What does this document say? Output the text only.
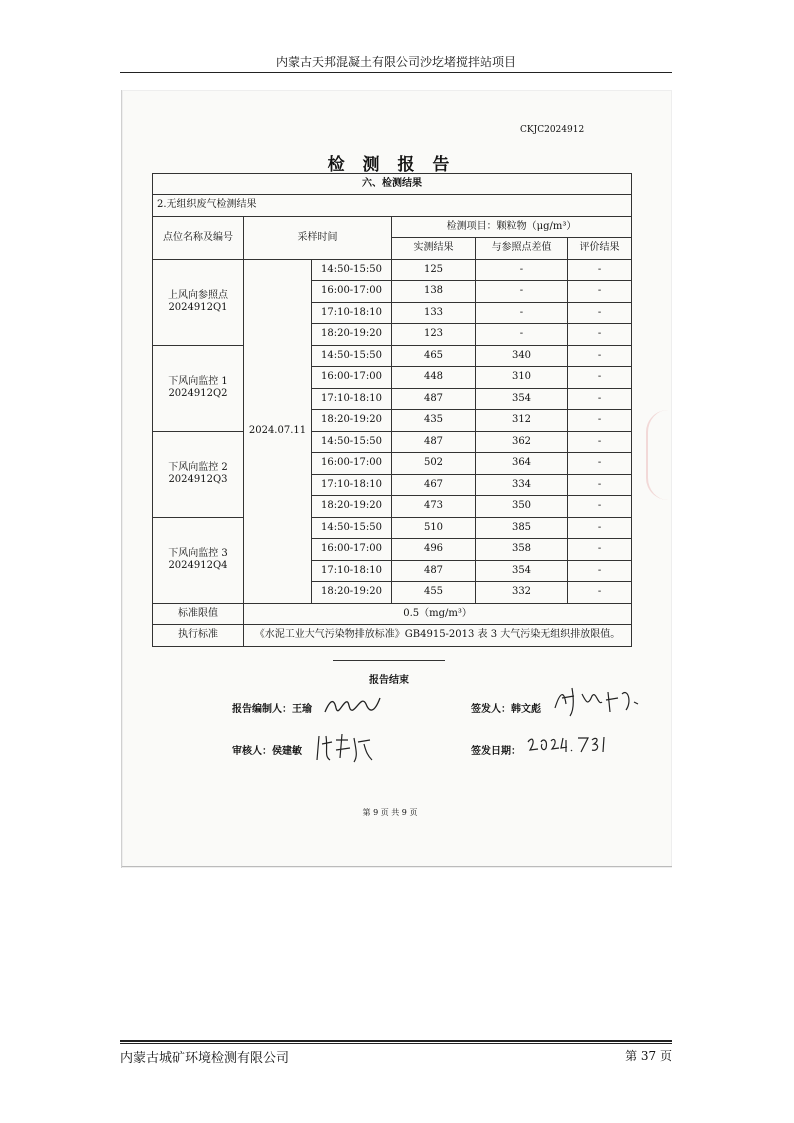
内蒙古天邦混凝土有限公司沙圪堵搅拌站项目
CKJC2024912
检 测 报 告
六、检测结果					
2.无组织废气检测结果					
点位名称及编号	采样时间		检测项目：颗粒物（μg/m³）		
			实测结果	与参照点差值	评价结果

上风向参照点
2024912Q1	2024.07.11	14:50-15:50	125	-	-
		16:00-17:00	138	-	-
		17:10-18:10	133	-	-
		18:20-19:20	123	-	-

下风向监控 1
2024912Q2		14:50-15:50	465	340	-
		16:00-17:00	448	310	-
		17:10-18:10	487	354	-
		18:20-19:20	435	312	-

下风向监控 2
2024912Q3		14:50-15:50	487	362	-
		16:00-17:00	502	364	-
		17:10-18:10	467	334	-
		18:20-19:20	473	350	-

下风向监控 3
2024912Q4		14:50-15:50	510	385	-
		16:00-17:00	496	358	-
		17:10-18:10	487	354	-
		18:20-19:20	455	332	-
标准限值	0.5（mg/m³）				
执行标准	《水泥工业大气污染物排放标准》GB4915-2013 表 3 大气污染无组织排放限值。				
报告结束
报告编制人：王瑜	签发人：韩文彪
审核人：侯建敏	签发日期：
第 9 页 共 9 页
内蒙古城矿环境检测有限公司	第 37 页
